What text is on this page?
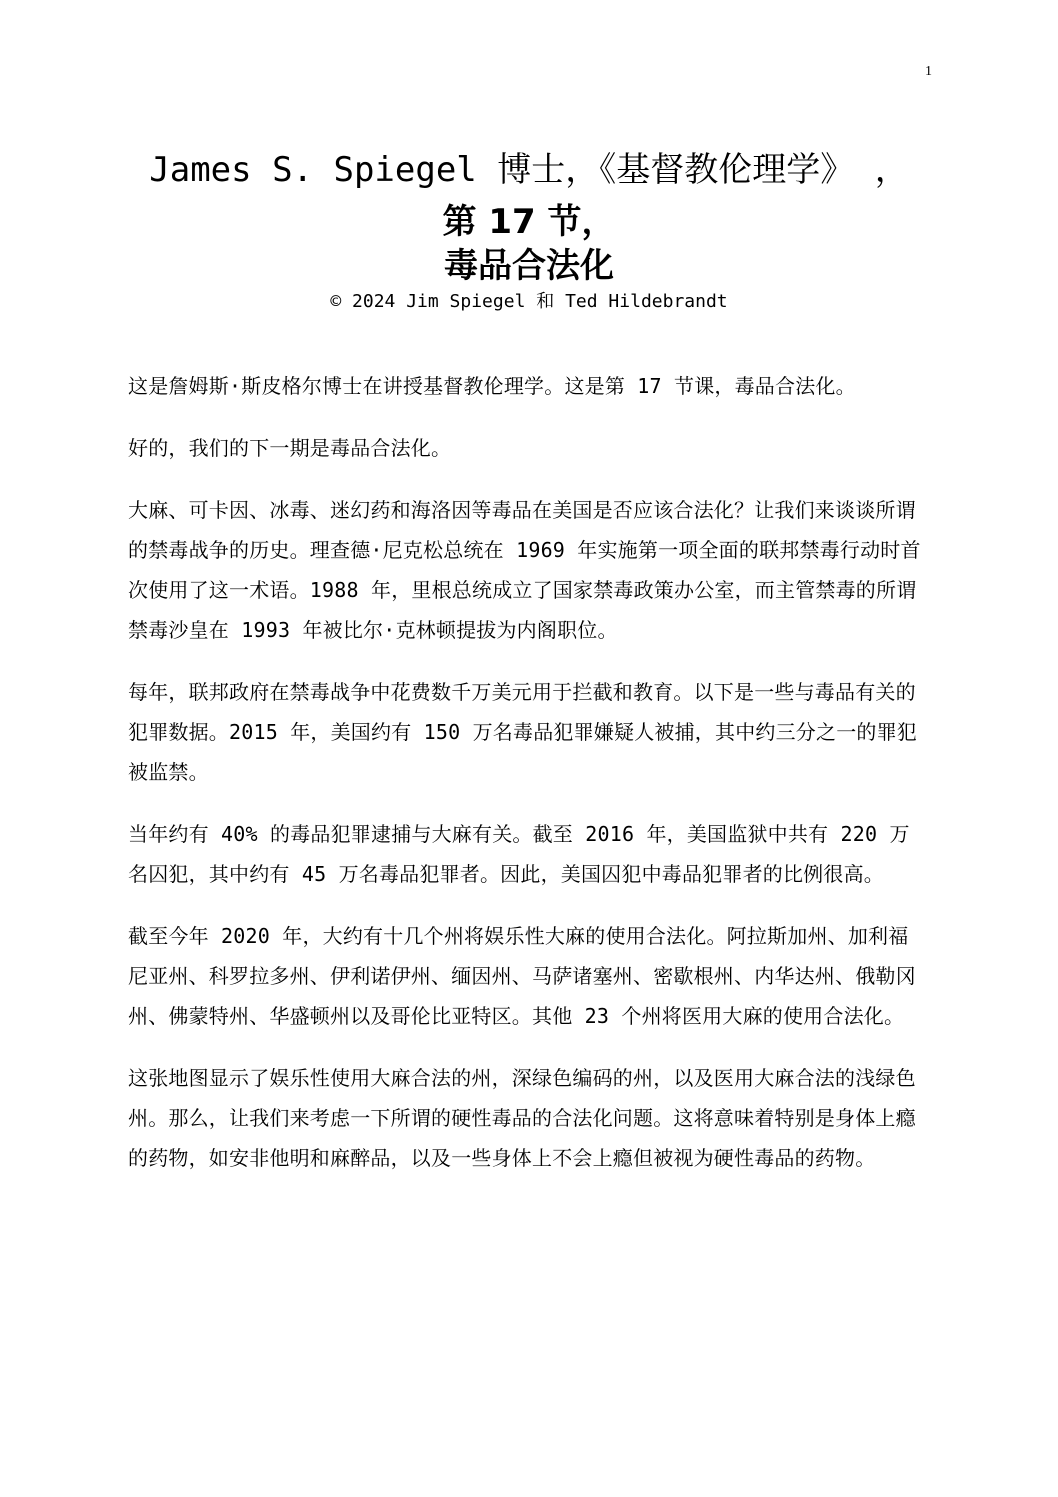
1
James S. Spiegel 博士，《基督教伦理学》 ，
第 17 节，
毒品合法化
© 2024 Jim Spiegel 和 Ted Hildebrandt

这是詹姆斯·斯皮格尔博士在讲授基督教伦理学。这是第 17 节课，毒品合法化。

好的，我们的下一期是毒品合法化。

大麻、可卡因、冰毒、迷幻药和海洛因等毒品在美国是否应该合法化？让我们来谈谈所谓的禁毒战争的历史。理查德·尼克松总统在 1969 年实施第一项全面的联邦禁毒行动时首次使用了这一术语。1988 年，里根总统成立了国家禁毒政策办公室，而主管禁毒的所谓禁毒沙皇在 1993 年被比尔·克林顿提拔为内阁职位。

每年，联邦政府在禁毒战争中花费数千万美元用于拦截和教育。以下是一些与毒品有关的犯罪数据。2015 年，美国约有 150 万名毒品犯罪嫌疑人被捕，其中约三分之一的罪犯被监禁。

当年约有 40% 的毒品犯罪逮捕与大麻有关。截至 2016 年，美国监狱中共有 220 万名囚犯，其中约有 45 万名毒品犯罪者。因此，美国囚犯中毒品犯罪者的比例很高。

截至今年 2020 年，大约有十几个州将娱乐性大麻的使用合法化。阿拉斯加州、加利福尼亚州、科罗拉多州、伊利诺伊州、缅因州、马萨诸塞州、密歇根州、内华达州、俄勒冈州、佛蒙特州、华盛顿州以及哥伦比亚特区。其他 23 个州将医用大麻的使用合法化。

这张地图显示了娱乐性使用大麻合法的州，深绿色编码的州，以及医用大麻合法的浅绿色州。那么，让我们来考虑一下所谓的硬性毒品的合法化问题。这将意味着特别是身体上瘾的药物，如安非他明和麻醉品，以及一些身体上不会上瘾但被视为硬性毒品的药物。
